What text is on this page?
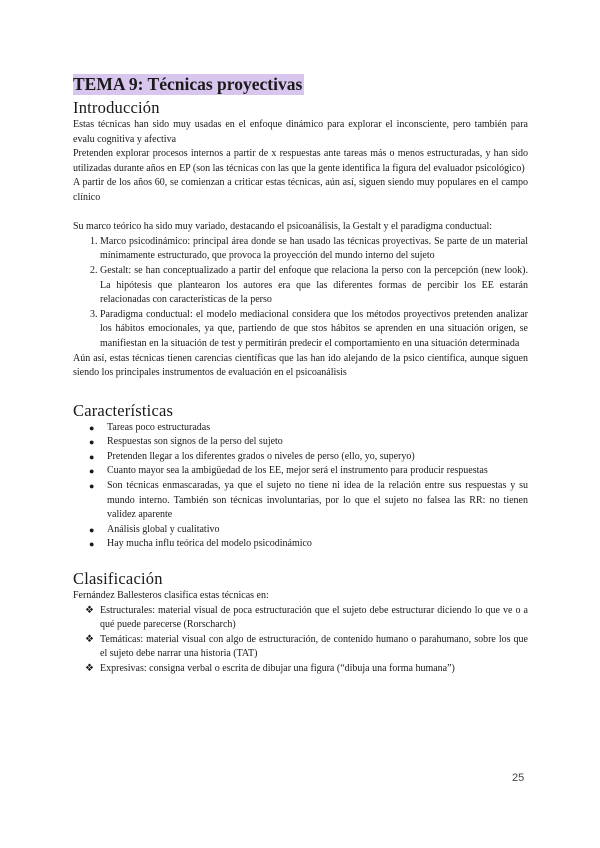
TEMA 9: Técnicas proyectivas
Introducción

Estas técnicas han sido muy usadas en el enfoque dinámico para explorar el inconsciente, pero también para evalu cognitiva y afectiva

Pretenden explorar procesos internos a partir de x respuestas ante tareas más o menos estructuradas, y han sido utilizadas durante años en EP (son las técnicas con las que la gente identifica la figura del evaluador psicológico)

A partir de los años 60, se comienzan a criticar estas técnicas, aún así, siguen siendo muy populares en el campo clínico

Su marco teórico ha sido muy variado, destacando el psicoanálisis, la Gestalt y el paradigma conductual:

1. Marco psicodinámico: principal área donde se han usado las técnicas proyectivas. Se parte de un material mínimamente estructurado, que provoca la proyección del mundo interno del sujeto
2. Gestalt: se han conceptualizado a partir del enfoque que relaciona la perso con la percepción (new look). La hipótesis que plantearon los autores era que las diferentes formas de percibir los EE estarán relacionadas con características de la perso
3. Paradigma conductual: el modelo mediacional considera que los métodos proyectivos pretenden analizar los hábitos emocionales, ya que, partiendo de que stos hábitos se aprenden en una situación origen, se manifiestan en la situación de test y permitirán predecir el comportamiento en una situación determinada

Aún así, estas técnicas tienen carencias científicas que las han ido alejando de la psico científica, aunque siguen siendo los principales instrumentos de evaluación en el psicoanálisis

Características
● Tareas poco estructuradas
● Respuestas son signos de la perso del sujeto
● Pretenden llegar a los diferentes grados o niveles de perso (ello, yo, superyo)
● Cuanto mayor sea la ambigüedad de los EE, mejor será el instrumento para producir respuestas
● Son técnicas enmascaradas, ya que el sujeto no tiene ni idea de la relación entre sus respuestas y su mundo interno. También son técnicas involuntarias, por lo que el sujeto no falsea las RR: no tienen validez aparente
● Análisis global y cualitativo
● Hay mucha influ teórica del modelo psicodinámico
Clasificación

Fernández Ballesteros clasifica estas técnicas en:

❖ Estructurales: material visual de poca estructuración que el sujeto debe estructurar diciendo lo que ve o a qué puede parecerse (Rorscharch)
❖ Temáticas: material visual con algo de estructuración, de contenido humano o parahumano, sobre los que el sujeto debe narrar una historia (TAT)
❖ Expresivas: consigna verbal o escrita de dibujar una figura (“dibuja una forma humana”)
25
